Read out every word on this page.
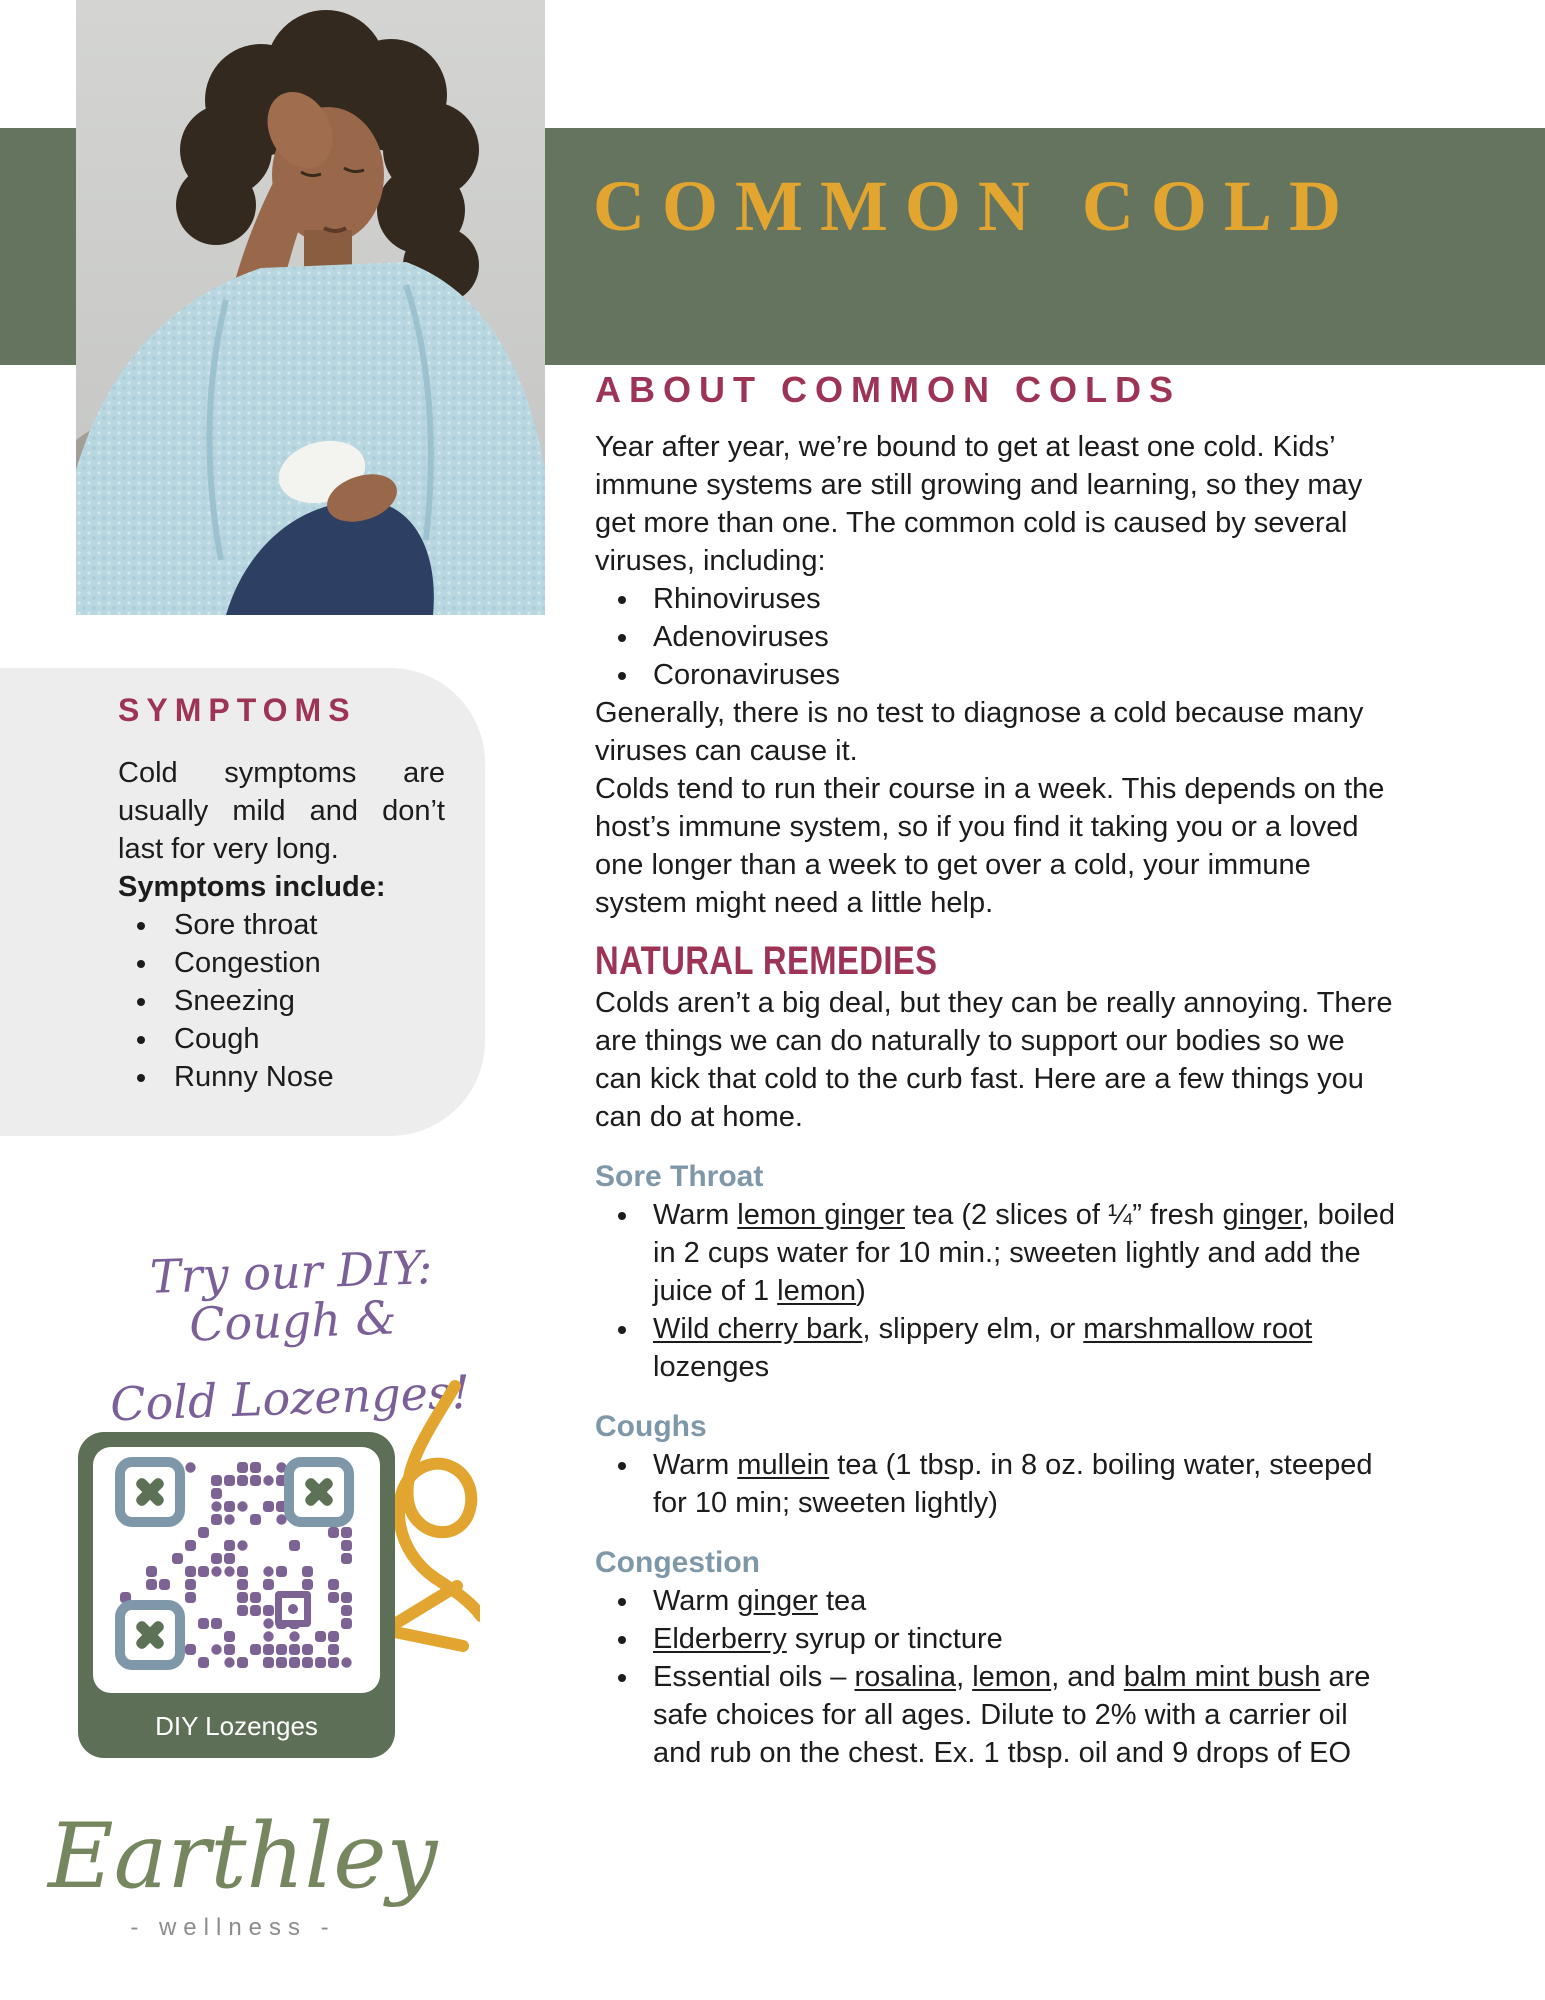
COMMON COLD
ABOUT COMMON COLDS

Year after year, we’re bound to get at least one cold. Kids’ immune systems are still growing and learning, so they may get more than one. The common cold is caused by several viruses, including:

• Rhinoviruses
• Adenoviruses
• Coronaviruses

Generally, there is no test to diagnose a cold because many viruses can cause it.

Colds tend to run their course in a week. This depends on the host’s immune system, so if you find it taking you or a loved one longer than a week to get over a cold, your immune system might need a little help.

NATURAL REMEDIES

Colds aren’t a big deal, but they can be really annoying. There are things we can do naturally to support our bodies so we can kick that cold to the curb fast. Here are a few things you can do at home.

Sore Throat
• Warm lemon ginger tea (2 slices of ¼” fresh ginger, boiled in 2 cups water for 10 min.; sweeten lightly and add the juice of 1 lemon)
• Wild cherry bark, slippery elm, or marshmallow root lozenges
Coughs
• Warm mullein tea (1 tbsp. in 8 oz. boiling water, steeped for 10 min; sweeten lightly)
Congestion
• Warm ginger tea
• Elderberry syrup or tincture
• Essential oils – rosalina, lemon, and balm mint bush are safe choices for all ages. Dilute to 2% with a carrier oil and rub on the chest. Ex. 1 tbsp. oil and 9 drops of EO
SYMPTOMS

Cold symptoms are usually mild and don’t last for very long.

Symptoms include:

• Sore throat
• Congestion
• Sneezing
• Cough
• Runny Nose
Try our DIY: Cough &
Cold Lozenges!
DIY Lozenges
Earthley
- wellness -
